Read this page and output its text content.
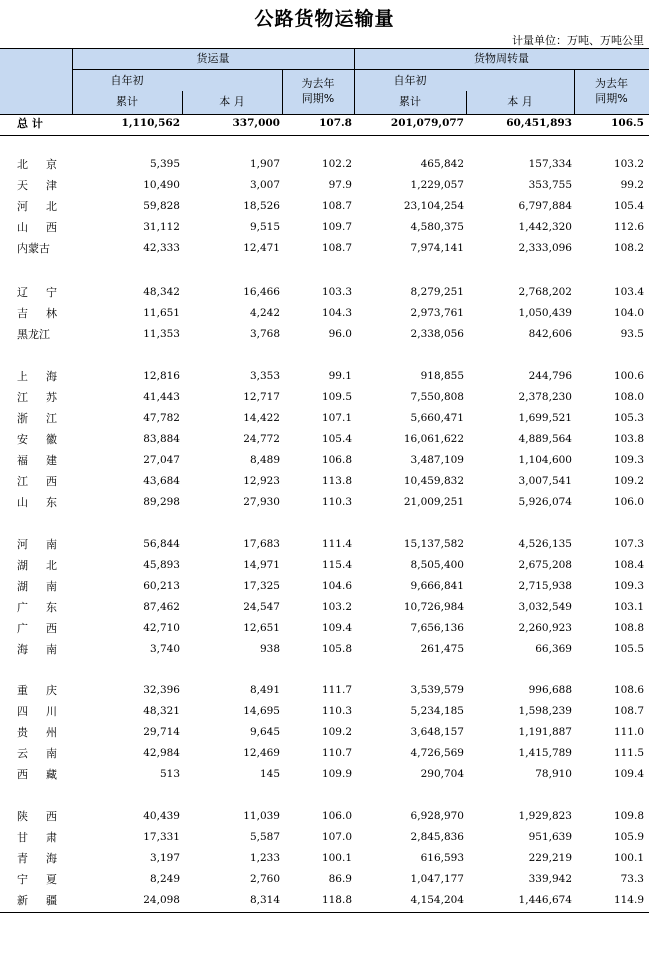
公路货物运输量
计量单位：万吨、万吨公里
货运量	货物周转量
自年初
累计	本 月
为去年
同期%
自年初
累计	本 月
为去年
同期%
总 计	1,110,562	337,000	107.8	201,079,077	60,451,893	106.5
北 京	5,395	1,907	102.2	465,842	157,334	103.2
天 津	10,490	3,007	97.9	1,229,057	353,755	99.2
河 北	59,828	18,526	108.7	23,104,254	6,797,884	105.4
山 西	31,112	9,515	109.7	4,580,375	1,442,320	112.6
内蒙古	42,333	12,471	108.7	7,974,141	2,333,096	108.2
辽 宁	48,342	16,466	103.3	8,279,251	2,768,202	103.4
吉 林	11,651	4,242	104.3	2,973,761	1,050,439	104.0
黑龙江	11,353	3,768	96.0	2,338,056	842,606	93.5
上 海	12,816	3,353	99.1	918,855	244,796	100.6
江 苏	41,443	12,717	109.5	7,550,808	2,378,230	108.0
浙 江	47,782	14,422	107.1	5,660,471	1,699,521	105.3
安 徽	83,884	24,772	105.4	16,061,622	4,889,564	103.8
福 建	27,047	8,489	106.8	3,487,109	1,104,600	109.3
江 西	43,684	12,923	113.8	10,459,832	3,007,541	109.2
山 东	89,298	27,930	110.3	21,009,251	5,926,074	106.0
河 南	56,844	17,683	111.4	15,137,582	4,526,135	107.3
湖 北	45,893	14,971	115.4	8,505,400	2,675,208	108.4
湖 南	60,213	17,325	104.6	9,666,841	2,715,938	109.3
广 东	87,462	24,547	103.2	10,726,984	3,032,549	103.1
广 西	42,710	12,651	109.4	7,656,136	2,260,923	108.8
海 南	3,740	938	105.8	261,475	66,369	105.5
重 庆	32,396	8,491	111.7	3,539,579	996,688	108.6
四 川	48,321	14,695	110.3	5,234,185	1,598,239	108.7
贵 州	29,714	9,645	109.2	3,648,157	1,191,887	111.0
云 南	42,984	12,469	110.7	4,726,569	1,415,789	111.5
西 藏	513	145	109.9	290,704	78,910	109.4
陕 西	40,439	11,039	106.0	6,928,970	1,929,823	109.8
甘 肃	17,331	5,587	107.0	2,845,836	951,639	105.9
青 海	3,197	1,233	100.1	616,593	229,219	100.1
宁 夏	8,249	2,760	86.9	1,047,177	339,942	73.3
新 疆	24,098	8,314	118.8	4,154,204	1,446,674	114.9
